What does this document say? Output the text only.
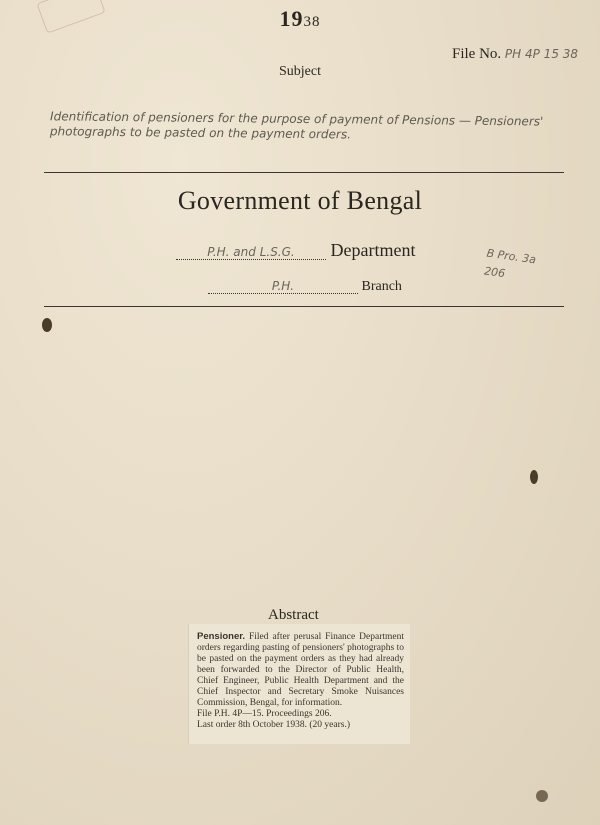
1938
File No. PH 4P 15 38
Subject
Identification of pensioners for the purpose of payment of Pensions — Pensioners' photographs to be pasted on the payment orders.
Government of Bengal
P.H. and L.S.G. Department
P.H.	Branch
B Pro. 3a
206
Abstract
Pensioner. Filed after perusal Finance Department orders regarding pasting of pensioners' photographs to be pasted on the payment orders as they had already been forwarded to the Director of Public Health, Chief Engineer, Public Health Department and the Chief Inspector and Secretary Smoke Nuisances Commission, Bengal, for information.
File P.H. 4P—15. Proceedings 206.
Last order 8th October 1938. (20 years.)
